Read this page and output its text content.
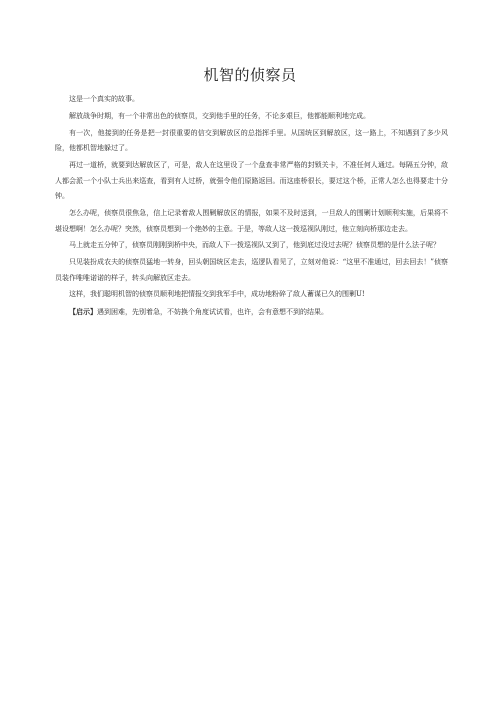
机智的侦察员

这是一个真实的故事。

解放战争时期，有一个非常出色的侦察员，交到他手里的任务，不论多艰巨，他都能顺利地完成。

有一次，他接到的任务是把一封很重要的信交到解放区的总指挥手里。从国统区到解放区，这一路上，不知遇到了多少风险，他都机智地躲过了。

再过一道桥，就要到达解放区了，可是，敌人在这里设了一个盘查非常严格的封锁关卡，不准任何人通过。每隔五分钟，敌人都会派一个小队士兵出来巡查，看到有人过桥，就强令他们原路返回。而这座桥很长，要过这个桥，正常人怎么也得要走十分钟。

怎么办呢，侦察员很焦急，信上记录着敌人围剿解放区的情报，如果不及时送到，一旦敌人的围剿计划顺利实施，后果将不堪设想啊！怎么办呢？突然，侦察员想到一个绝妙的主意。于是，等敌人这一拨巡视队刚过，他立刻向桥那边走去。

马上就走五分钟了，侦察员刚刚到桥中央，而敌人下一拨巡视队又到了，他到底过没过去呢？侦察员想的是什么法子呢？

只见装扮成农夫的侦察员猛地一转身，回头朝国统区走去，巡逻队看见了，立刻对他说：“这里不准通过，回去回去！”侦察员装作唯唯诺诺的样子，转头向解放区走去。

这样，我们聪明机智的侦察员顺利地把情报交到我军手中，成功地粉碎了敌人蓄谋已久的围剿U!

【启示】遇到困难，先别着急，不妨换个角度试试看，也许，会有意想不到的结果。
